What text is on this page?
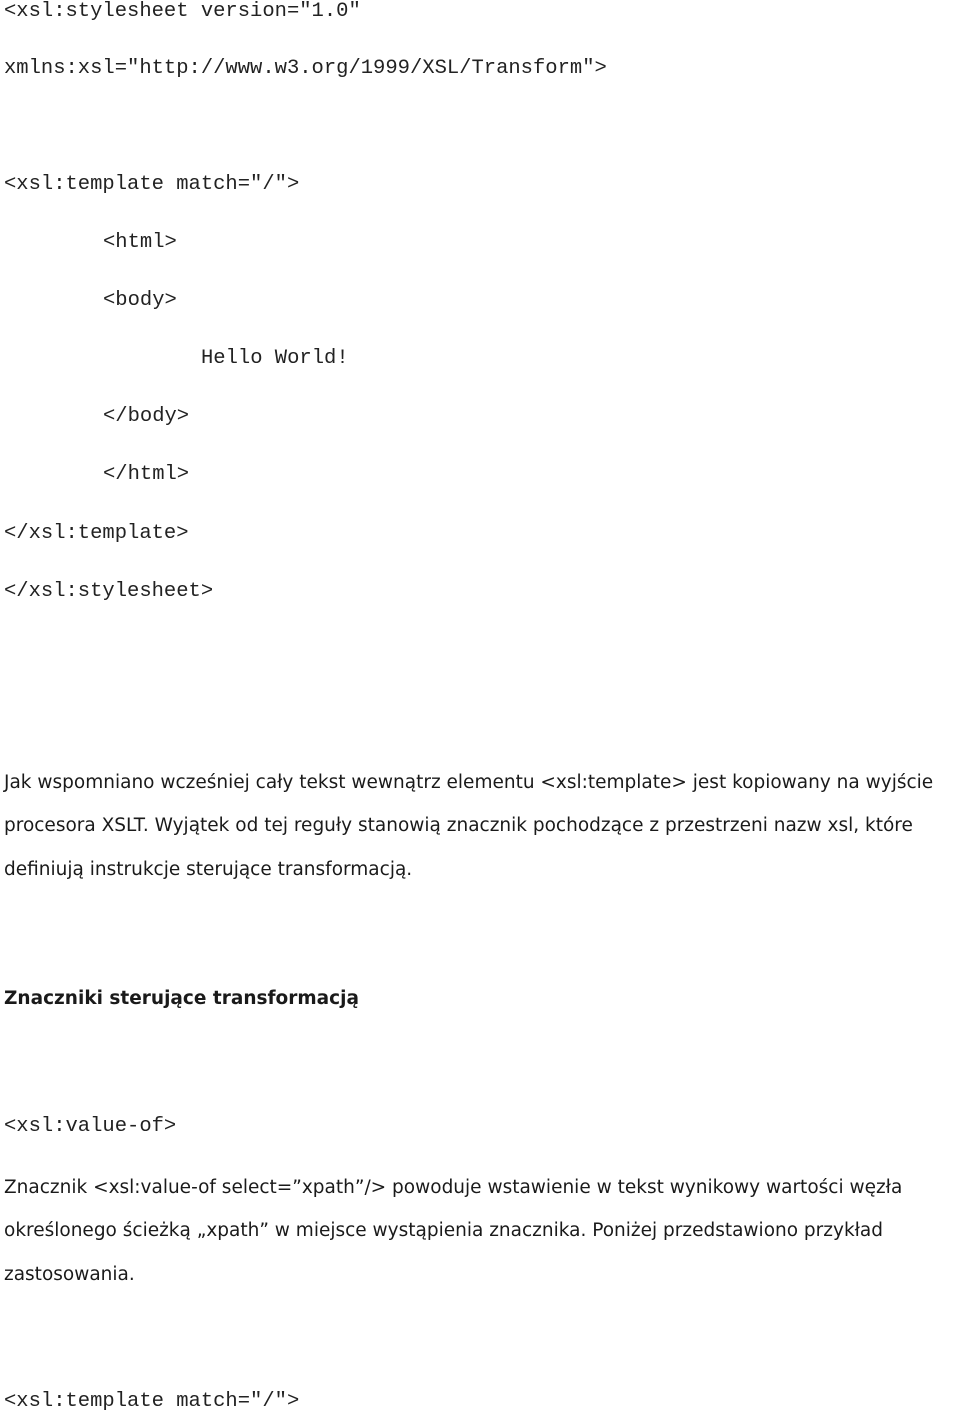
<xsl:stylesheet version="1.0"
xmlns:xsl="http://www.w3.org/1999/XSL/Transform">
<xsl:template match="/">
<html>
<body>
Hello World!
</body>
</html>
</xsl:template>
</xsl:stylesheet>
Jak wspomniano wcześniej cały tekst wewnątrz elementu <xsl:template> jest kopiowany na wyjście
procesora XSLT. Wyjątek od tej reguły stanowią znacznik pochodzące z przestrzeni nazw xsl, które
definiują instrukcje sterujące transformacją.
Znaczniki sterujące transformacją
<xsl:value-of>
Znacznik <xsl:value-of select=”xpath”/> powoduje wstawienie w tekst wynikowy wartości węzła
określonego ścieżką „xpath” w miejsce wystąpienia znacznika. Poniżej przedstawiono przykład
zastosowania.
<xsl:template match="/">
